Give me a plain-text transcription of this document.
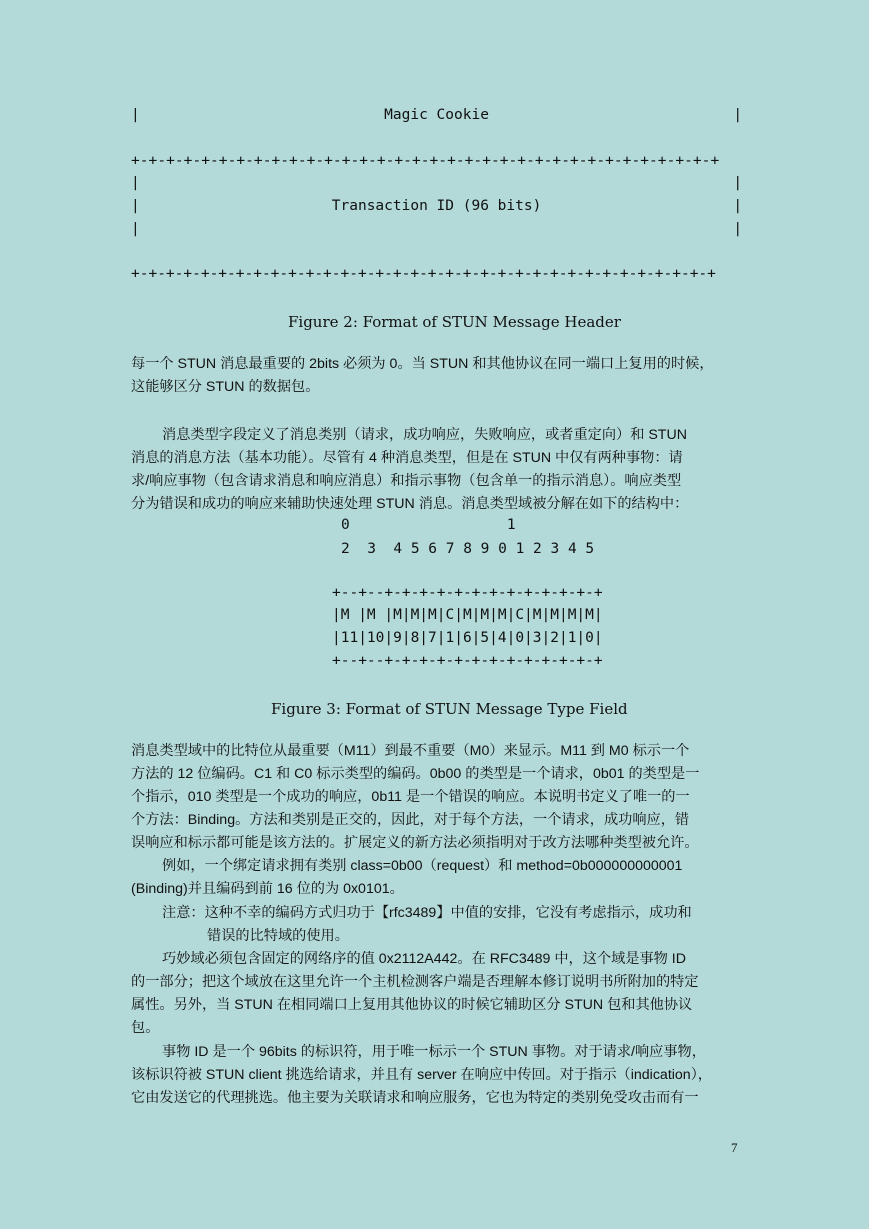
|                            Magic Cookie                            |
+-+-+-+-+-+-+-+-+-+-+-+-+-+-+-+-+-+-+-+-+-+-+-+-+-+-+-+-+-+-+-+-+-+
|                                                                    |
|                      Transaction ID (96 bits)                      |
|                                                                    |
+-+-+-+-+-+-+-+-+-+-+-+-+-+-+-+-+-+-+-+-+-+-+-+-+-+-+-+-+-+-+-+-+-+
Figure 2: Format of STUN Message Header
每一个 STUN 消息最重要的 2bits 必须为 0。当 STUN 和其他协议在同一端口上复用的时候，
这能够区分 STUN 的数据包。
消息类型字段定义了消息类别（请求，成功响应，失败响应，或者重定向）和 STUN
消息的消息方法（基本功能）。尽管有 4 种消息类型，但是在 STUN 中仅有两种事物：请
求/响应事物（包含请求消息和响应消息）和指示事物（包含单一的指示消息）。响应类型
分为错误和成功的响应来辅助快速处理 STUN 消息。消息类型域被分解在如下的结构中：
0                  1
2  3  4 5 6 7 8 9 0 1 2 3 4 5
+--+--+-+-+-+-+-+-+-+-+-+-+-+-+
|M |M |M|M|M|C|M|M|M|C|M|M|M|M|
|11|10|9|8|7|1|6|5|4|0|3|2|1|0|
+--+--+-+-+-+-+-+-+-+-+-+-+-+-+
Figure 3: Format of STUN Message Type Field
消息类型域中的比特位从最重要（M11）到最不重要（M0）来显示。M11 到 M0 标示一个
方法的 12 位编码。C1 和 C0 标示类型的编码。0b00 的类型是一个请求，0b01 的类型是一
个指示，010 类型是一个成功的响应，0b11 是一个错误的响应。本说明书定义了唯一的一
个方法：Binding。方法和类别是正交的，因此，对于每个方法，一个请求，成功响应，错
误响应和标示都可能是该方法的。扩展定义的新方法必须指明对于改方法哪种类型被允许。
例如，一个绑定请求拥有类别 class=0b00（request）和 method=0b000000000001
(Binding)并且编码到前 16 位的为 0x0101。
注意：这种不幸的编码方式归功于【rfc3489】中值的安排，它没有考虑指示，成功和
错误的比特域的使用。
巧妙域必须包含固定的网络序的值 0x2112A442。在 RFC3489 中，这个域是事物 ID
的一部分；把这个域放在这里允许一个主机检测客户端是否理解本修订说明书所附加的特定
属性。另外，当 STUN 在相同端口上复用其他协议的时候它辅助区分 STUN 包和其他协议
包。
事物 ID 是一个 96bits 的标识符，用于唯一标示一个 STUN 事物。对于请求/响应事物，
该标识符被 STUN client 挑选给请求，并且有 server 在响应中传回。对于指示（indication），
它由发送它的代理挑选。他主要为关联请求和响应服务，它也为特定的类别免受攻击而有一
7
